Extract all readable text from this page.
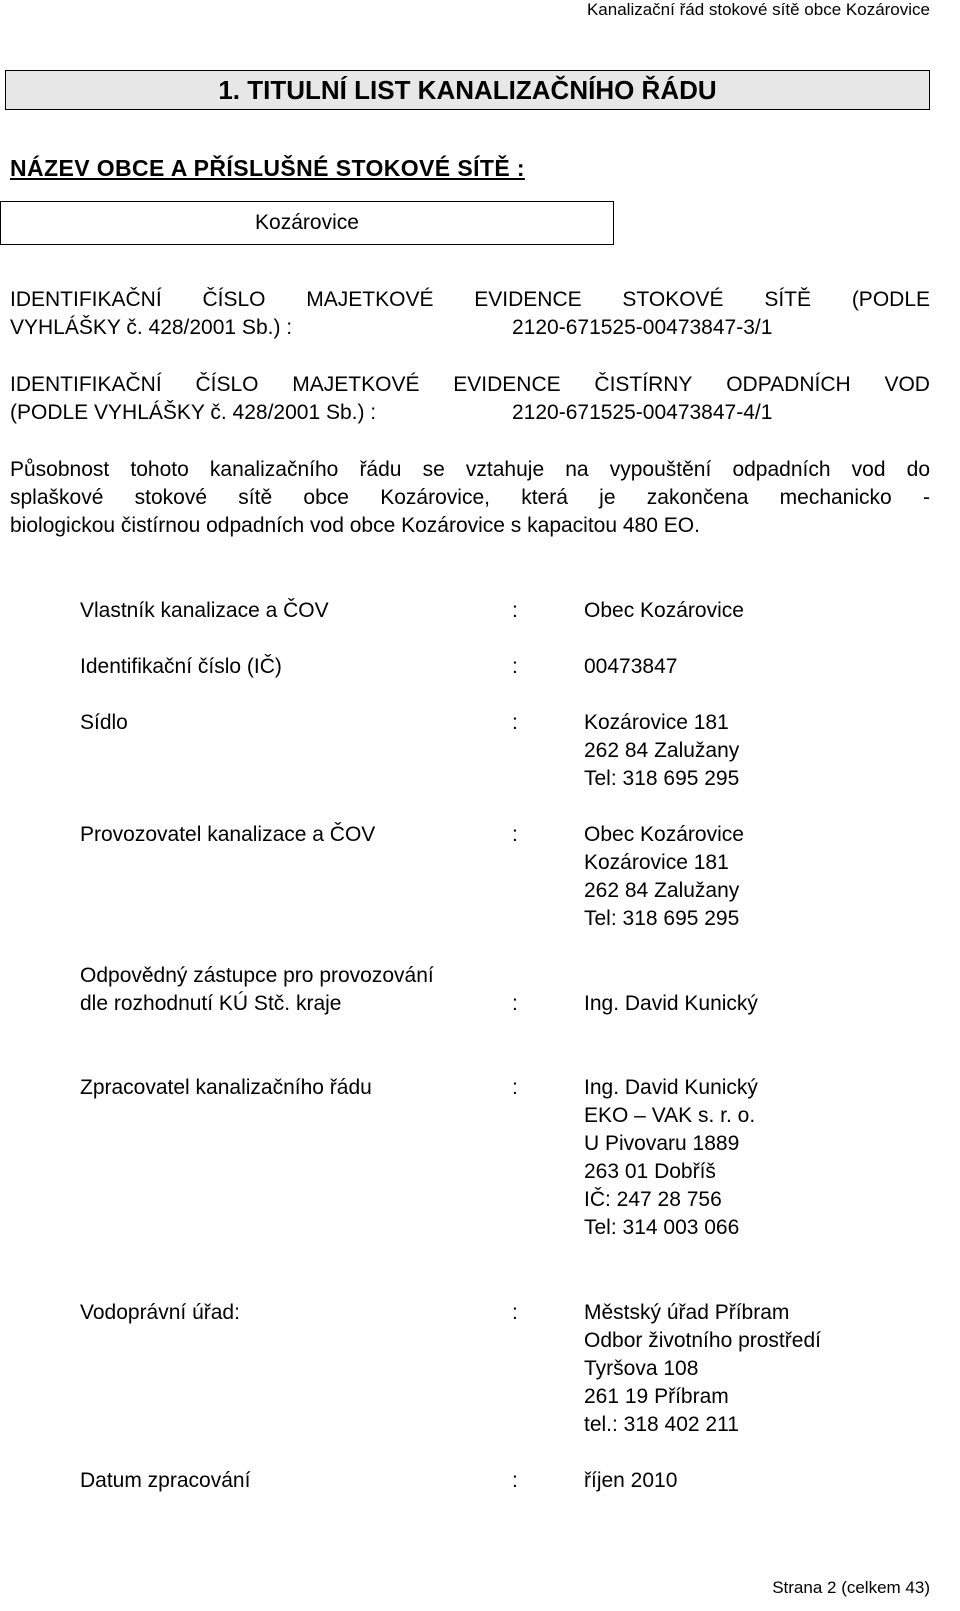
Kanalizační řád stokové sítě obce Kozárovice
1. TITULNÍ LIST KANALIZAČNÍHO ŘÁDU
NÁZEV OBCE A PŘÍSLUŠNÉ STOKOVÉ SÍTĚ :
Kozárovice
IDENTIFIKAČNÍ ČÍSLO MAJETKOVÉ EVIDENCE STOKOVÉ SÍTĚ (PODLE
VYHLÁŠKY č. 428/2001 Sb.) :	2120-671525-00473847-3/1
IDENTIFIKAČNÍ ČÍSLO MAJETKOVÉ EVIDENCE ČISTÍRNY ODPADNÍCH VOD
(PODLE VYHLÁŠKY č. 428/2001 Sb.) :	2120-671525-00473847-4/1
Působnost tohoto kanalizačního řádu se vztahuje na vypouštění odpadních vod do
splaškové stokové sítě obce Kozárovice, která je zakončena mechanicko -
biologickou čistírnou odpadních vod obce Kozárovice s kapacitou 480 EO.
Vlastník kanalizace a ČOV	:	Obec Kozárovice
Identifikační číslo (IČ)	:	00473847
Sídlo	:	Kozárovice 181
262 84 Zalužany
Tel: 318 695 295
Provozovatel kanalizace a ČOV	:	Obec Kozárovice
Kozárovice 181
262 84 Zalužany
Tel: 318 695 295
Odpovědný zástupce pro provozování
dle rozhodnutí KÚ Stč. kraje	:	Ing. David Kunický
Zpracovatel kanalizačního řádu	:	Ing. David Kunický
EKO – VAK s. r. o.
U Pivovaru 1889
263 01 Dobříš
IČ: 247 28 756
Tel: 314 003 066
Vodoprávní úřad:	:	Městský úřad Příbram
Odbor životního prostředí
Tyršova 108
261 19 Příbram
tel.: 318 402 211
Datum zpracování	:	říjen 2010
Strana 2 (celkem 43)
